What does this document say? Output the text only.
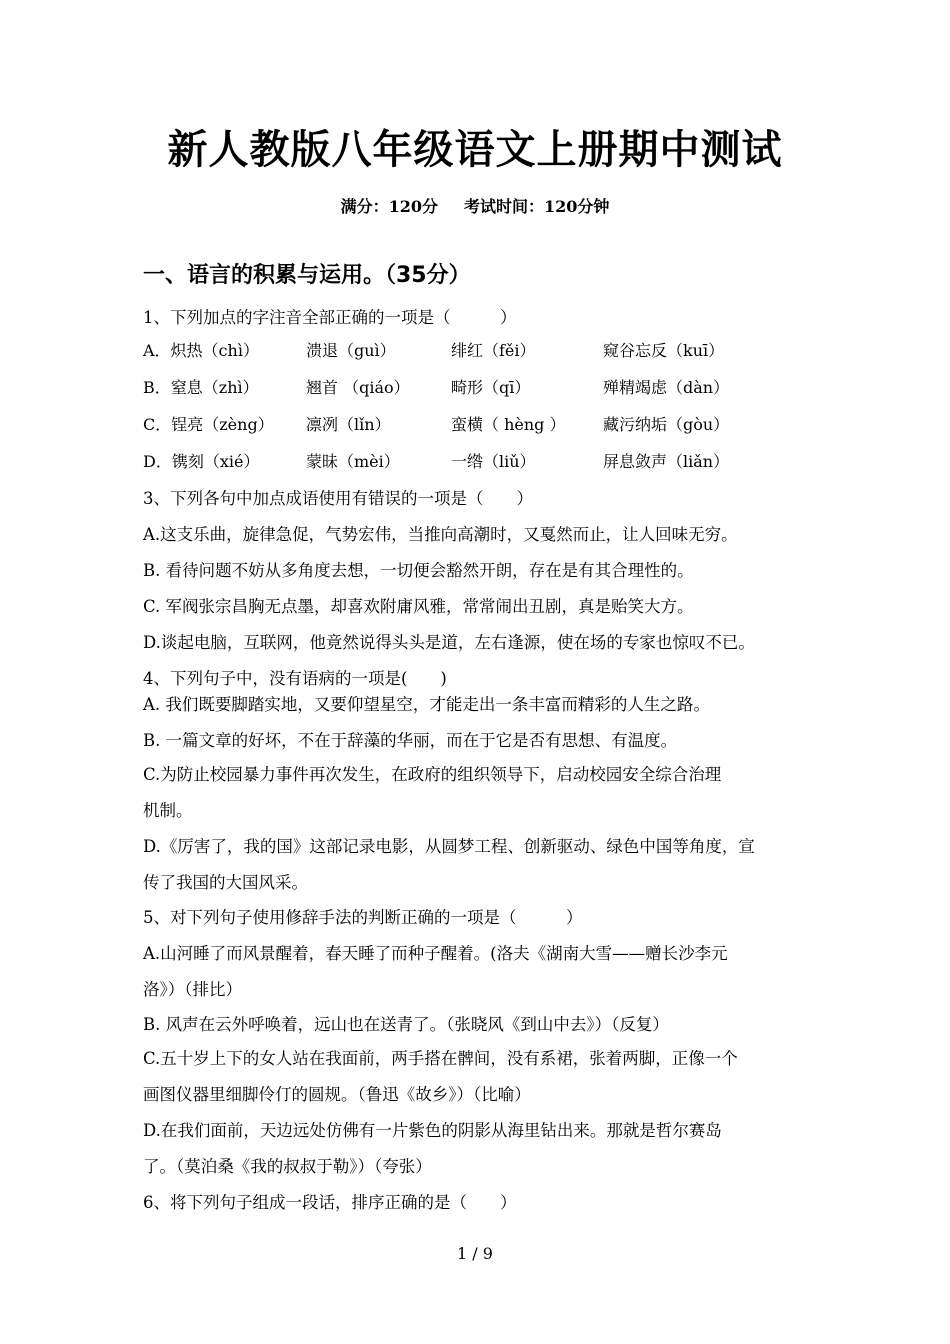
新人教版八年级语文上册期中测试
满分：120分 考试时间：120分钟
一、语言的积累与运用。（35分）
1、下列加点的字注音全部正确的一项是（　　　）
A．炽热（chì）	溃退（guì）	绯红（fěi）	窥谷忘反（kuī）
B．窒息（zhì）	翘首 （qiáo）	畸形（qī）	殚精竭虑（dàn）
C．锃亮（zèng） 凛冽（lǐn）	蛮横（ hèng ） 藏污纳垢（gòu）
D．镌刻（xié）	蒙昧（mèi）	一绺（liǔ）	屏息敛声（liǎn）
3、下列各句中加点成语使用有错误的一项是（　　）
A.这支乐曲，旋律急促，气势宏伟，当推向高潮时，又戛然而止，让人回味无穷。
B. 看待问题不妨从多角度去想，一切便会豁然开朗，存在是有其合理性的。
C. 军阀张宗昌胸无点墨，却喜欢附庸风雅，常常闹出丑剧，真是贻笑大方。
D.谈起电脑，互联网，他竟然说得头头是道，左右逢源，使在场的专家也惊叹不已。
4、下列句子中，没有语病的一项是(　　)
A. 我们既要脚踏实地，又要仰望星空，才能走出一条丰富而精彩的人生之路。
B. 一篇文章的好坏，不在于辞藻的华丽，而在于它是否有思想、有温度。
C.为防止校园暴力事件再次发生，在政府的组织领导下，启动校园安全综合治理
机制。
D.《厉害了，我的国》这部记录电影，从圆梦工程、创新驱动、绿色中国等角度，宣
传了我国的大国风采。
5、对下列句子使用修辞手法的判断正确的一项是（　　　）
A.山河睡了而风景醒着，春天睡了而种子醒着。(洛夫《湖南大雪——赠长沙李元
洛》）（排比）
B. 风声在云外呼唤着，远山也在送青了。（张晓风《到山中去》）（反复）
C.五十岁上下的女人站在我面前，两手搭在髀间，没有系裙，张着两脚，正像一个
画图仪器里细脚伶仃的圆规。（鲁迅《故乡》）（比喻）
D.在我们面前，天边远处仿佛有一片紫色的阴影从海里钻出来。那就是哲尔赛岛
了。（莫泊桑《我的叔叔于勒》）（夸张）
6、将下列句子组成一段话，排序正确的是（　　）
1 / 9
